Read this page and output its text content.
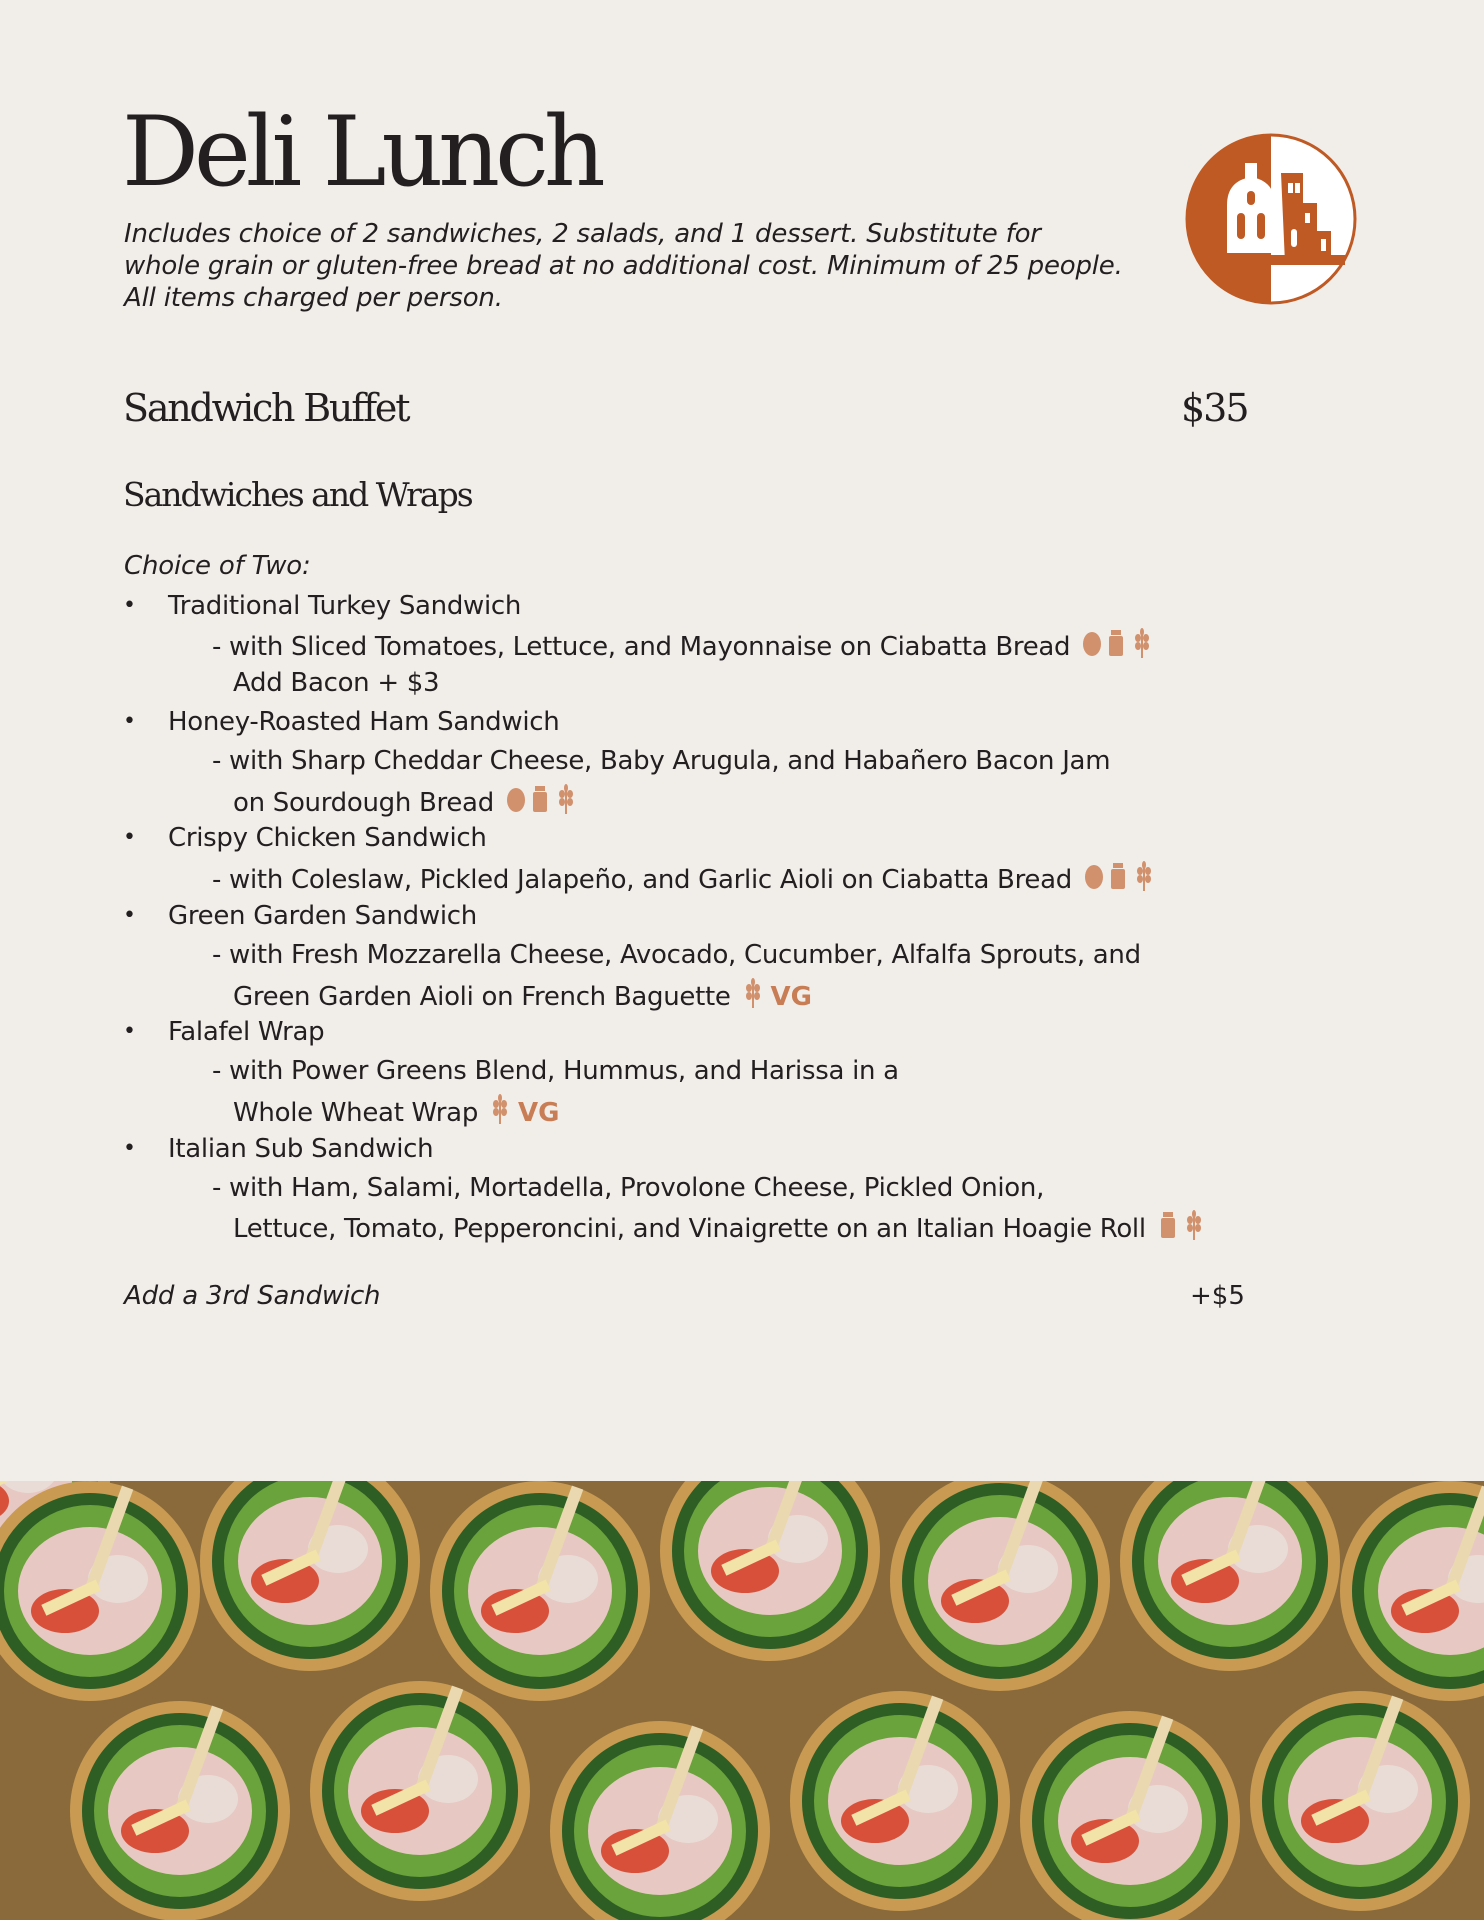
Deli Lunch

Includes choice of 2 sandwiches, 2 salads, and 1 dessert. Substitute for whole grain or gluten-free bread at no additional cost. Minimum of 25 people. All items charged per person.

Sandwich Buffet	$35
Sandwiches and Wraps
Choice of Two:
• Traditional Turkey Sandwich
- with Sliced Tomatoes, Lettuce, and Mayonnaise on Ciabatta Bread
Add Bacon + $3
• Honey-Roasted Ham Sandwich
- with Sharp Cheddar Cheese, Baby Arugula, and Habañero Bacon Jam
on Sourdough Bread
• Crispy Chicken Sandwich
- with Coleslaw, Pickled Jalapeño, and Garlic Aioli on Ciabatta Bread
• Green Garden Sandwich
- with Fresh Mozzarella Cheese, Avocado, Cucumber, Alfalfa Sprouts, and
Green Garden Aioli on French Baguette VG
• Falafel Wrap
- with Power Greens Blend, Hummus, and Harissa in a
Whole Wheat Wrap VG
• Italian Sub Sandwich
- with Ham, Salami, Mortadella, Provolone Cheese, Pickled Onion,
Lettuce, Tomato, Pepperoncini, and Vinaigrette on an Italian Hoagie Roll
Add a 3rd Sandwich	+$5
